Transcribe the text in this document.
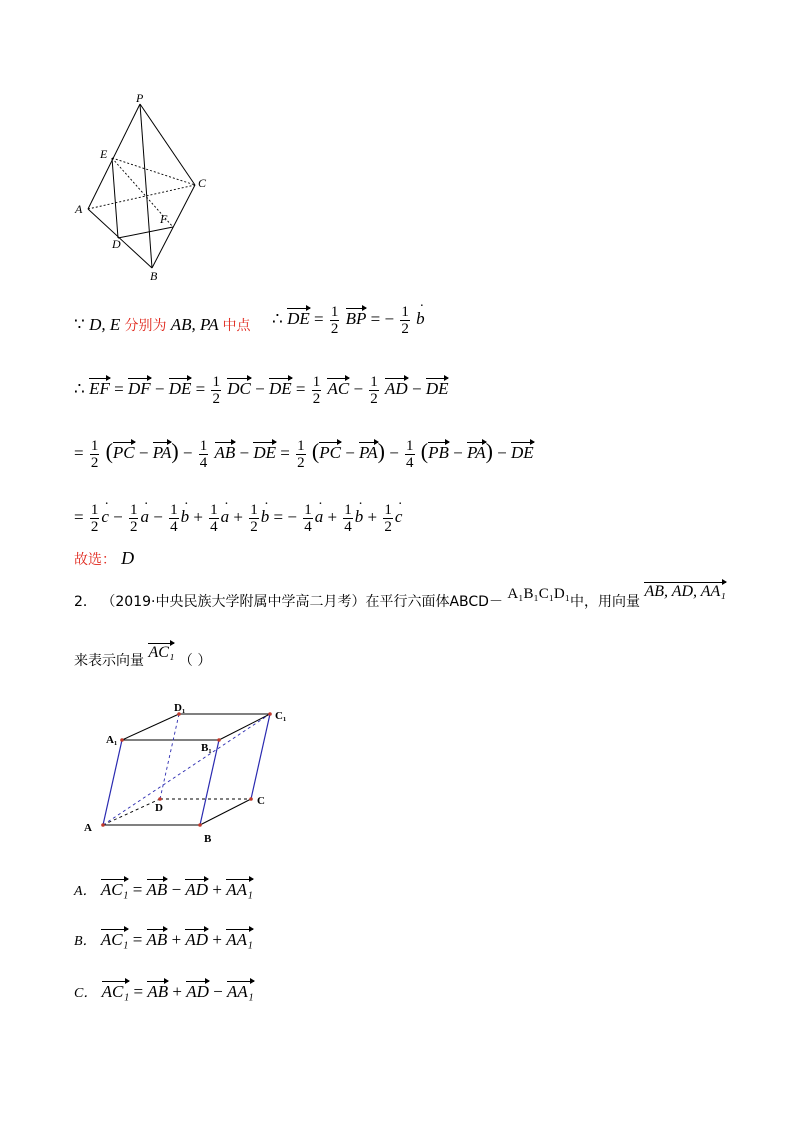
P
E
C
A
F
D
B
∵ D, E 分别为 AB, PA 中点 ∴ DE = $\frac{1}{2}$ BP = − $\frac{1}{2}$ b ·
∴ EF = DF − DE = $\frac{1}{2}$ DC − DE = $\frac{1}{2}$ AC − $\frac{1}{2}$ AD − DE
= $\frac{1}{2} (PC - PA) - \frac{1}{4}$ AB − DE = $\frac{1}{2} (PC - PA) - \frac{1}{4} (PB - PA)$ − DE
= $\frac{1}{2}$ c · − $\frac{1}{2}$ a · − $\frac{1}{4}$ b · + $\frac{1}{4}$ a · + $\frac{1}{2}$ b · = − $\frac{1}{4}$ a · + $\frac{1}{4}$ b · + $\frac{1}{2}$ c ·
故选： D
2． （2019·中央民族大学附属中学高二月考）在平行六面体ABCD－ A₁B₁C₁D₁中，用向量 AB, AD, AA₁
来表示向量 AC₁ （ ）
D₁
C₁
A₁
B₁
D
C
A
B
A． AC₁ = AB − AD + AA₁
B． AC₁ = AB + AD + AA₁
C． AC₁ = AB + AD − AA₁
